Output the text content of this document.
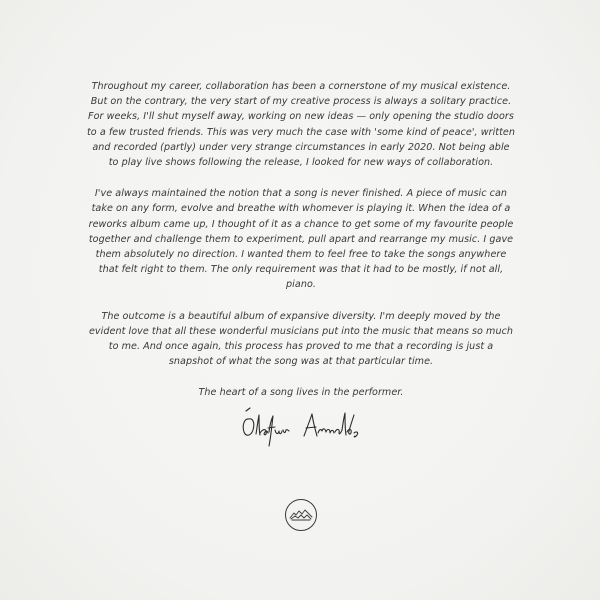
Throughout my career, collaboration has been a cornerstone of my musical existence. But on the contrary, the very start of my creative process is always a solitary practice. For weeks, I'll shut myself away, working on new ideas — only opening the studio doors to a few trusted friends. This was very much the case with 'some kind of peace', written and recorded (partly) under very strange circumstances in early 2020. Not being able to play live shows following the release, I looked for new ways of collaboration.

I've always maintained the notion that a song is never finished. A piece of music can take on any form, evolve and breathe with whomever is playing it. When the idea of a reworks album came up, I thought of it as a chance to get some of my favourite people together and challenge them to experiment, pull apart and rearrange my music. I gave them absolutely no direction. I wanted them to feel free to take the songs anywhere that felt right to them. The only requirement was that it had to be mostly, if not all, piano.

The outcome is a beautiful album of expansive diversity. I'm deeply moved by the evident love that all these wonderful musicians put into the music that means so much to me. And once again, this process has proved to me that a recording is just a snapshot of what the song was at that particular time.

The heart of a song lives in the performer.
